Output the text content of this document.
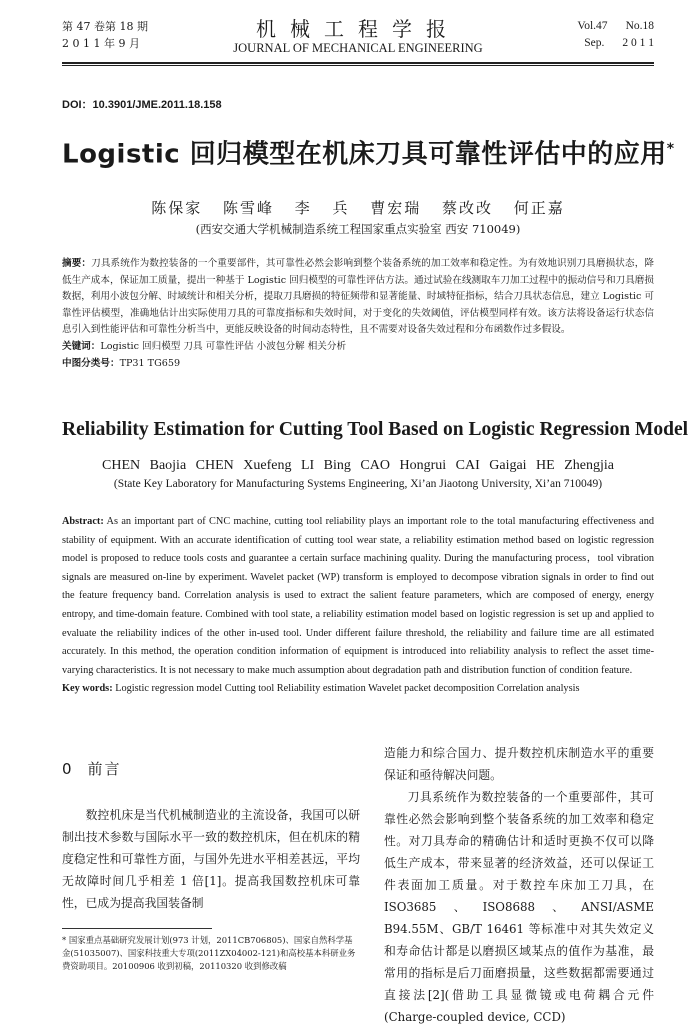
第 47 卷第 18 期
2 0 1 1 年 9 月
机械工程学报
JOURNAL OF MECHANICAL ENGINEERING
Vol.47 No.18
Sep. 2 0 1 1
DOI：10.3901/JME.2011.18.158
Logistic 回归模型在机床刀具可靠性评估中的应用*
陈保家 陈雪峰 李 兵 曹宏瑞 蔡改改 何正嘉
(西安交通大学机械制造系统工程国家重点实验室 西安 710049)
摘要：刀具系统作为数控装备的一个重要部件，其可靠性必然会影响到整个装备系统的加工效率和稳定性。为有效地识别刀具磨损状态，降低生产成本，保证加工质量，提出一种基于 Logistic 回归模型的可靠性评估方法。通过试验在线测取车刀加工过程中的振动信号和刀具磨损数据，利用小波包分解、时域统计和相关分析，提取刀具磨损的特征频带和显著能量、时域特征指标，结合刀具状态信息，建立 Logistic 可靠性评估模型，准确地估计出实际使用刀具的可靠度指标和失效时间，对于变化的失效阈值，评估模型同样有效。该方法将设备运行状态信息引入到性能评估和可靠性分析当中，更能反映设备的时间动态特性，且不需要对设备失效过程和分布函数作过多假设。
关键词：Logistic 回归模型 刀具 可靠性评估 小波包分解 相关分析
中图分类号：TP31 TG659
Reliability Estimation for Cutting Tool Based on Logistic Regression Model
CHEN Baojia CHEN Xuefeng LI Bing CAO Hongrui CAI Gaigai HE Zhengjia
(State Key Laboratory for Manufacturing Systems Engineering, Xi’an Jiaotong University, Xi’an 710049)
Abstract: As an important part of CNC machine, cutting tool reliability plays an important role to the total manufacturing effectiveness and stability of equipment. With an accurate identification of cutting tool wear state, a reliability estimation method based on logistic regression model is proposed to reduce tools costs and guarantee a certain surface machining quality. During the manufacturing process，tool vibration signals are measured on-line by experiment. Wavelet packet (WP) transform is employed to decompose vibration signals in order to find out the feature frequency band. Correlation analysis is used to extract the salient feature parameters, which are composed of energy, energy entropy, and time-domain feature. Combined with tool state, a reliability estimation model based on logistic regression is set up and applied to evaluate the reliability indices of the other in-used tool. Under different failure threshold, the reliability and failure time are all estimated accurately. In this method, the operation condition information of equipment is introduced into reliability analysis to reflect the asset time-varying characteristics. It is not necessary to make much assumption about degradation path and distribution function of condition feature.
Key words: Logistic regression model Cutting tool Reliability estimation Wavelet packet decomposition Correlation analysis
0 前言

数控机床是当代机械制造业的主流设备，我国可以研制出技术参数与国际水平一致的数控机床，但在机床的精度稳定性和可靠性方面，与国外先进水平相差甚远，平均无故障时间几乎相差 1 倍[1]。提高我国数控机床可靠性，已成为提高我国装备制

* 国家重点基础研究发展计划(973 计划，2011CB706805)、国家自然科学基金(51035007)、国家科技重大专项(2011ZX04002-121)和高校基本科研业务费资助项目。20100906 收到初稿，20110320 收到修改稿

造能力和综合国力、提升数控机床制造水平的重要保证和亟待解决问题。

刀具系统作为数控装备的一个重要部件，其可靠性必然会影响到整个装备系统的加工效率和稳定性。对刀具寿命的精确估计和适时更换不仅可以降低生产成本，带来显著的经济效益，还可以保证工件表面加工质量。对于数控车床加工刀具，在ISO3685、ISO8688、ANSI/ASME B94.55M、GB/T 16461 等标准中对其失效定义和寿命估计都是以磨损区域某点的值作为基准，最常用的指标是后刀面磨损量，这些数据都需要通过直接法[2](借助工具显微镜或电荷耦合元件(Charge-coupled device, CCD)
